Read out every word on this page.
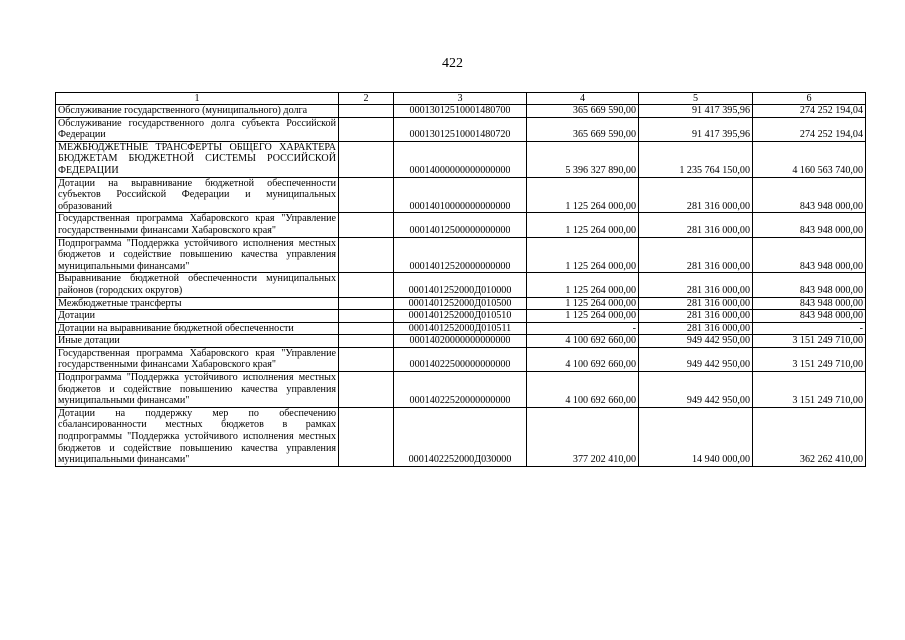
422
1	2	3	4	5	6
Обслуживание государственного (муниципального) долга		00013012510001480700	365 669 590,00	91 417 395,96	274 252 194,04
Обслуживание государственного долга субъекта Российской Федерации		00013012510001480720	365 669 590,00	91 417 395,96	274 252 194,04
МЕЖБЮДЖЕТНЫЕ ТРАНСФЕРТЫ ОБЩЕГО ХАРАКТЕРА БЮДЖЕТАМ БЮДЖЕТНОЙ СИСТЕМЫ РОССИЙСКОЙ ФЕДЕРАЦИИ		00014000000000000000	5 396 327 890,00	1 235 764 150,00	4 160 563 740,00
Дотации на выравнивание бюджетной обеспеченности субъектов Российской Федерации и муниципальных образований		00014010000000000000	1 125 264 000,00	281 316 000,00	843 948 000,00
Государственная программа Хабаровского края "Управление государственными финансами Хабаровского края"		00014012500000000000	1 125 264 000,00	281 316 000,00	843 948 000,00
Подпрограмма "Поддержка устойчивого исполнения местных бюджетов и содействие повышению качества управления муниципальными финансами"		00014012520000000000	1 125 264 000,00	281 316 000,00	843 948 000,00
Выравнивание бюджетной обеспеченности муниципальных районов (городских округов)		0001401252000Д010000	1 125 264 000,00	281 316 000,00	843 948 000,00
Межбюджетные трансферты		0001401252000Д010500	1 125 264 000,00	281 316 000,00	843 948 000,00
Дотации		0001401252000Д010510	1 125 264 000,00	281 316 000,00	843 948 000,00
Дотации на выравнивание бюджетной обеспеченности		0001401252000Д010511	-	281 316 000,00	-
Иные дотации		00014020000000000000	4 100 692 660,00	949 442 950,00	3 151 249 710,00
Государственная программа Хабаровского края "Управление государственными финансами Хабаровского края"		00014022500000000000	4 100 692 660,00	949 442 950,00	3 151 249 710,00
Подпрограмма "Поддержка устойчивого исполнения местных бюджетов и содействие повышению качества управления муниципальными финансами"		00014022520000000000	4 100 692 660,00	949 442 950,00	3 151 249 710,00
Дотации на поддержку мер по обеспечению сбалансированности местных бюджетов в рамках подпрограммы "Поддержка устойчивого исполнения местных бюджетов и содействие повышению качества управления муниципальными финансами"		0001402252000Д030000	377 202 410,00	14 940 000,00	362 262 410,00
